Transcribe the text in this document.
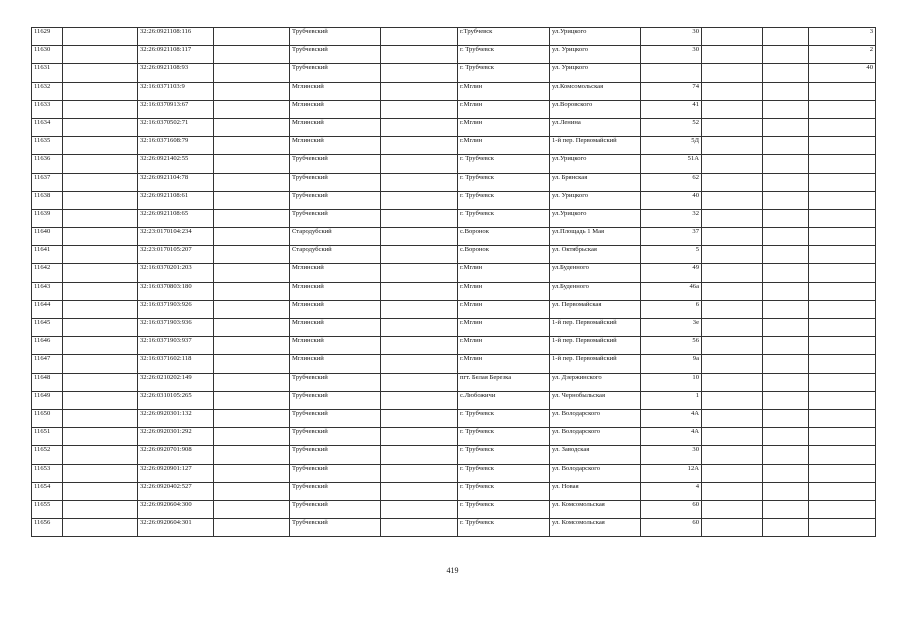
11629		32:26:0921108:116		Трубчевский		г.Трубчевск	ул.Урицкого	30			3
11630		32:26:0921108:117		Трубчевский		г. Трубчевск	ул. Урицкого	30			2
11631		32:26:0921108:93		Трубчевский		г. Трубчевск	ул. Урицкого				40
11632		32:16:0371103:9		Мглинский		г.Мглин	ул.Комсомольская	74			
11633		32:16:0370913:67		Мглинский		г.Мглин	ул.Воровского	41			
11634		32:16:0370502:71		Мглинский		г.Мглин	ул.Ленина	52			
11635		32:16:0371608:79		Мглинский		г.Мглин	1-й пер. Первомайский	5Д			
11636		32:26:0921402:55		Трубчевский		г. Трубчевск	ул.Урицкого	51А			
11637		32:26:0921104:78		Трубчевский		г. Трубчевск	ул. Брянская	62			
11638		32:26:0921108:61		Трубчевский		г. Трубчевск	ул. Урицкого	40			
11639		32:26:0921108:65		Трубчевский		г. Трубчевск	ул.Урицкого	32			
11640		32:23:0170104:234		Стародубский		с.Воронок	ул.Площадь 1 Мая	37			
11641		32:23:0170105:207		Стародубский		с.Воронок	ул. Октябрьская	5			
11642		32:16:0370201:203		Мглинский		г.Мглин	ул.Буденного	49			
11643		32:16:0370803:180		Мглинский		г.Мглин	ул.Буденного	46а			
11644		32:16:0371903:926		Мглинский		г.Мглин	ул. Первомайская	6			
11645		32:16:0371903:936		Мглинский		г.Мглин	1-й пер. Первомайский	3е			
11646		32:16:0371903:937		Мглинский		г.Мглин	1-й пер. Первомайский	56			
11647		32:16:0371602:118		Мглинский		г.Мглин	1-й пер. Первомайский	9а			
11648		32:26:0210202:149		Трубчевский		пгт. Белая Березка	ул. Дзержинского	10			
11649		32:26:0310105:265		Трубчевский		с.Любожичи	ул. Чернобыльская	1			
11650		32:26:0920301:132		Трубчевский		г. Трубчевск	ул. Володарского	4А			
11651		32:26:0920301:292		Трубчевский		г. Трубчевск	ул. Володарского	4А			
11652		32:26:0920701:908		Трубчевский		г. Трубчевск	ул. Заводская	30			
11653		32:26:0920901:127		Трубчевский		г. Трубчевск	ул. Володарского	12А			
11654		32:26:0920402:527		Трубчевский		г. Трубчевск	ул. Новая	4			
11655		32:26:0920604:300		Трубчевский		г. Трубчевск	ул. Комсомольская	60			
11656		32:26:0920604:301		Трубчевский		г. Трубчевск	ул. Комсомольская	60			
419
